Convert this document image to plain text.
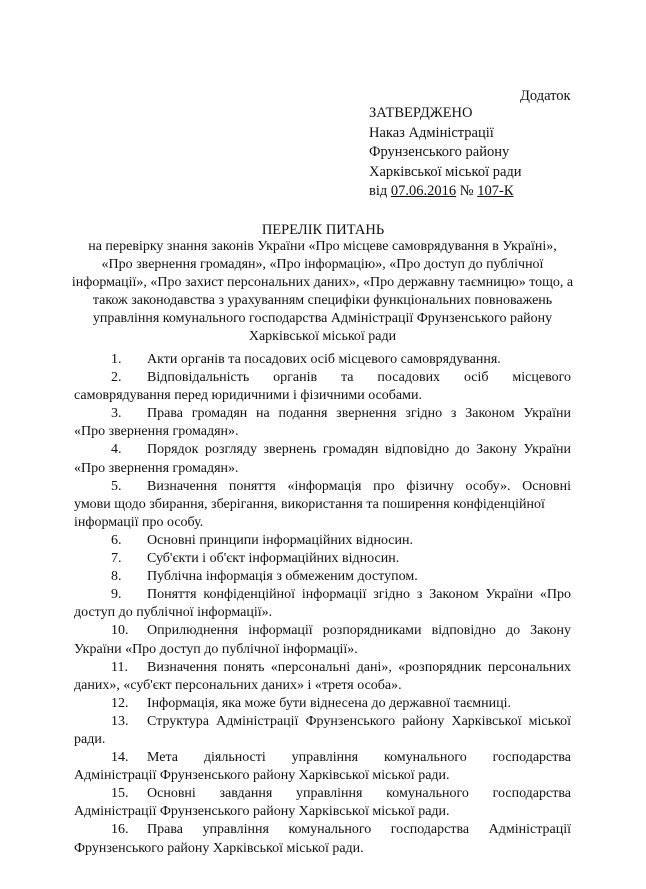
Додаток
ЗАТВЕРДЖЕНО
Наказ Адміністрації
Фрунзенського району
Харківської міської ради
від 07.06.2016 № 107-К
ПЕРЕЛІК ПИТАНЬ
на перевірку знання законів України «Про місцеве самоврядування в Україні»,
«Про звернення громадян», «Про інформацію», «Про доступ до публічної
інформації», «Про захист персональних даних», «Про державну таємницю» тощо, а
також законодавства з урахуванням специфіки функціональних повноважень
управління комунального господарства Адміністрації Фрунзенського району
Харківської міської ради
1. Акти органів та посадових осіб місцевого самоврядування.
2. Відповідальність органів та посадових осіб місцевого
самоврядування перед юридичними і фізичними особами.
3. Права громадян на подання звернення згідно з Законом України
«Про звернення громадян».
4. Порядок розгляду звернень громадян відповідно до Закону України
«Про звернення громадян».
5. Визначення поняття «інформація про фізичну особу». Основні
умови щодо збирання, зберігання, використання та поширення конфіденційної інформації про особу.
6. Основні принципи інформаційних відносин.
7. Суб'єкти і об'єкт інформаційних відносин.
8. Публічна інформація з обмеженим доступом.
9. Поняття конфіденційної інформації згідно з Законом України «Про
доступ до публічної інформації».
10. Оприлюднення інформації розпорядниками відповідно до Закону
України «Про доступ до публічної інформації».
11. Визначення понять «персональні дані», «розпорядник персональних
даних», «суб'єкт персональних даних» і «третя особа».
12. Інформація, яка може бути віднесена до державної таємниці.
13. Структура Адміністрації Фрунзенського району Харківської міської
ради.
14. Мета діяльності управління комунального господарства
Адміністрації Фрунзенського району Харківської міської ради.
15. Основні завдання управління комунального господарства
Адміністрації Фрунзенського району Харківської міської ради.
16. Права управління комунального господарства Адміністрації
Фрунзенського району Харківської міської ради.
